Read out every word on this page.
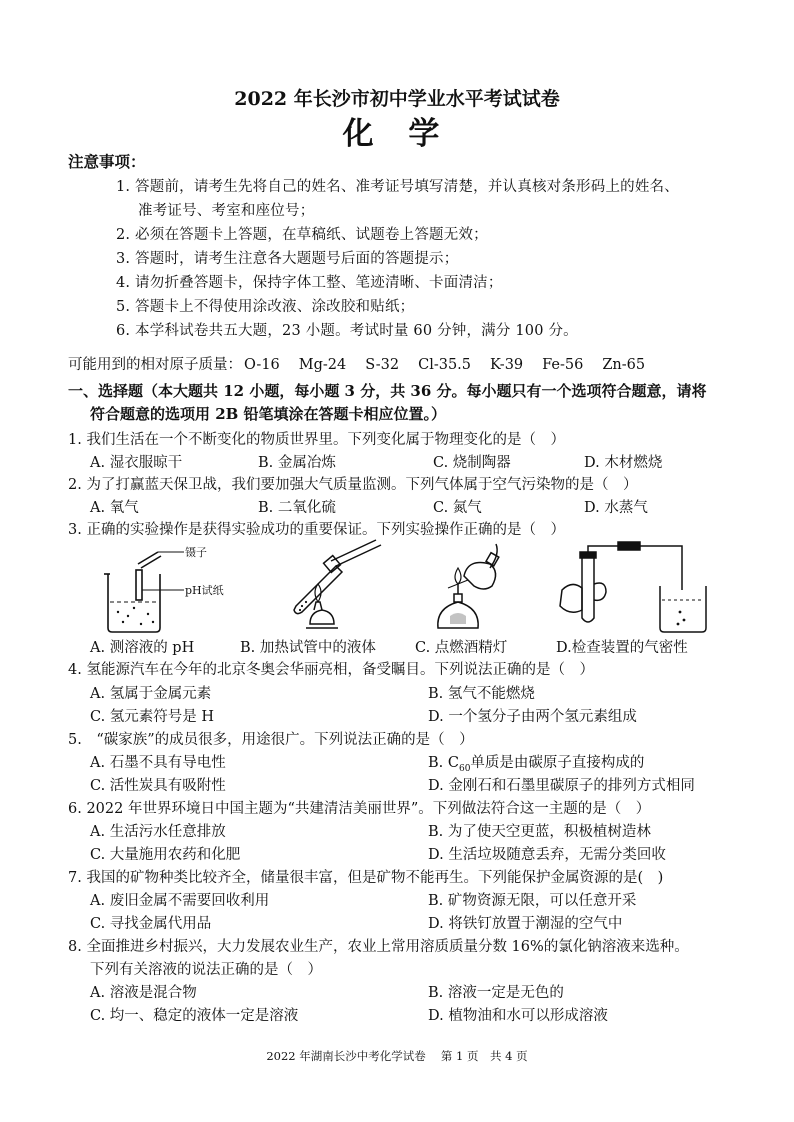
2022 年长沙市初中学业水平考试试卷
化 学
注意事项：
1. 答题前，请考生先将自己的姓名、准考证号填写清楚，并认真核对条形码上的姓名、
准考证号、考室和座位号；
2. 必须在答题卡上答题，在草稿纸、试题卷上答题无效；
3. 答题时，请考生注意各大题题号后面的答题提示；
4. 请勿折叠答题卡，保持字体工整、笔迹清晰、卡面清洁；
5. 答题卡上不得使用涂改液、涂改胶和贴纸；
6. 本学科试卷共五大题，23 小题。考试时量 60 分钟，满分 100 分。
可能用到的相对原子质量： O-16 Mg-24 S-32 Cl-35.5 K-39 Fe-56 Zn-65
一、选择题（本大题共 12 小题，每小题 3 分，共 36 分。每小题只有一个选项符合题意，请将
符合题意的选项用 2B 铅笔填涂在答题卡相应位置。）
1. 我们生活在一个不断变化的物质世界里。下列变化属于物理变化的是（　）
A. 湿衣服晾干	B. 金属冶炼	C. 烧制陶器	D. 木材燃烧
2. 为了打赢蓝天保卫战，我们要加强大气质量监测。下列气体属于空气污染物的是（　）
A. 氧气	B. 二氧化硫	C. 氮气	D. 水蒸气
3. 正确的实验操作是获得实验成功的重要保证。下列实验操作正确的是（　）
镊子
pH试纸
A. 测溶液的 pH	B. 加热试管中的液体	C. 点燃酒精灯	D.检查装置的气密性
4. 氢能源汽车在今年的北京冬奥会华丽亮相，备受瞩目。下列说法正确的是（　）
A. 氢属于金属元素	B. 氢气不能燃烧
C. 氢元素符号是 H	D. 一个氢分子由两个氢元素组成
5.　“碳家族”的成员很多，用途很广。下列说法正确的是（　）
A. 石墨不具有导电性	B. $C_{60}$单质是由碳原子直接构成的
C. 活性炭具有吸附性	D. 金刚石和石墨里碳原子的排列方式相同
6. 2022 年世界环境日中国主题为“共建清洁美丽世界”。下列做法符合这一主题的是（　）
A. 生活污水任意排放	B. 为了使天空更蓝，积极植树造林
C. 大量施用农药和化肥	D. 生活垃圾随意丢弃，无需分类回收
7. 我国的矿物种类比较齐全，储量很丰富，但是矿物不能再生。下列能保护金属资源的是(　)
A. 废旧金属不需要回收利用	B. 矿物资源无限，可以任意开采
C. 寻找金属代用品	D. 将铁钉放置于潮湿的空气中
8. 全面推进乡村振兴，大力发展农业生产，农业上常用溶质质量分数 16%的氯化钠溶液来选种。
下列有关溶液的说法正确的是（　）
A. 溶液是混合物	B. 溶液一定是无色的
C. 均一、稳定的液体一定是溶液	D. 植物油和水可以形成溶液
2022 年湖南长沙中考化学试卷　 第 1 页　共 4 页
